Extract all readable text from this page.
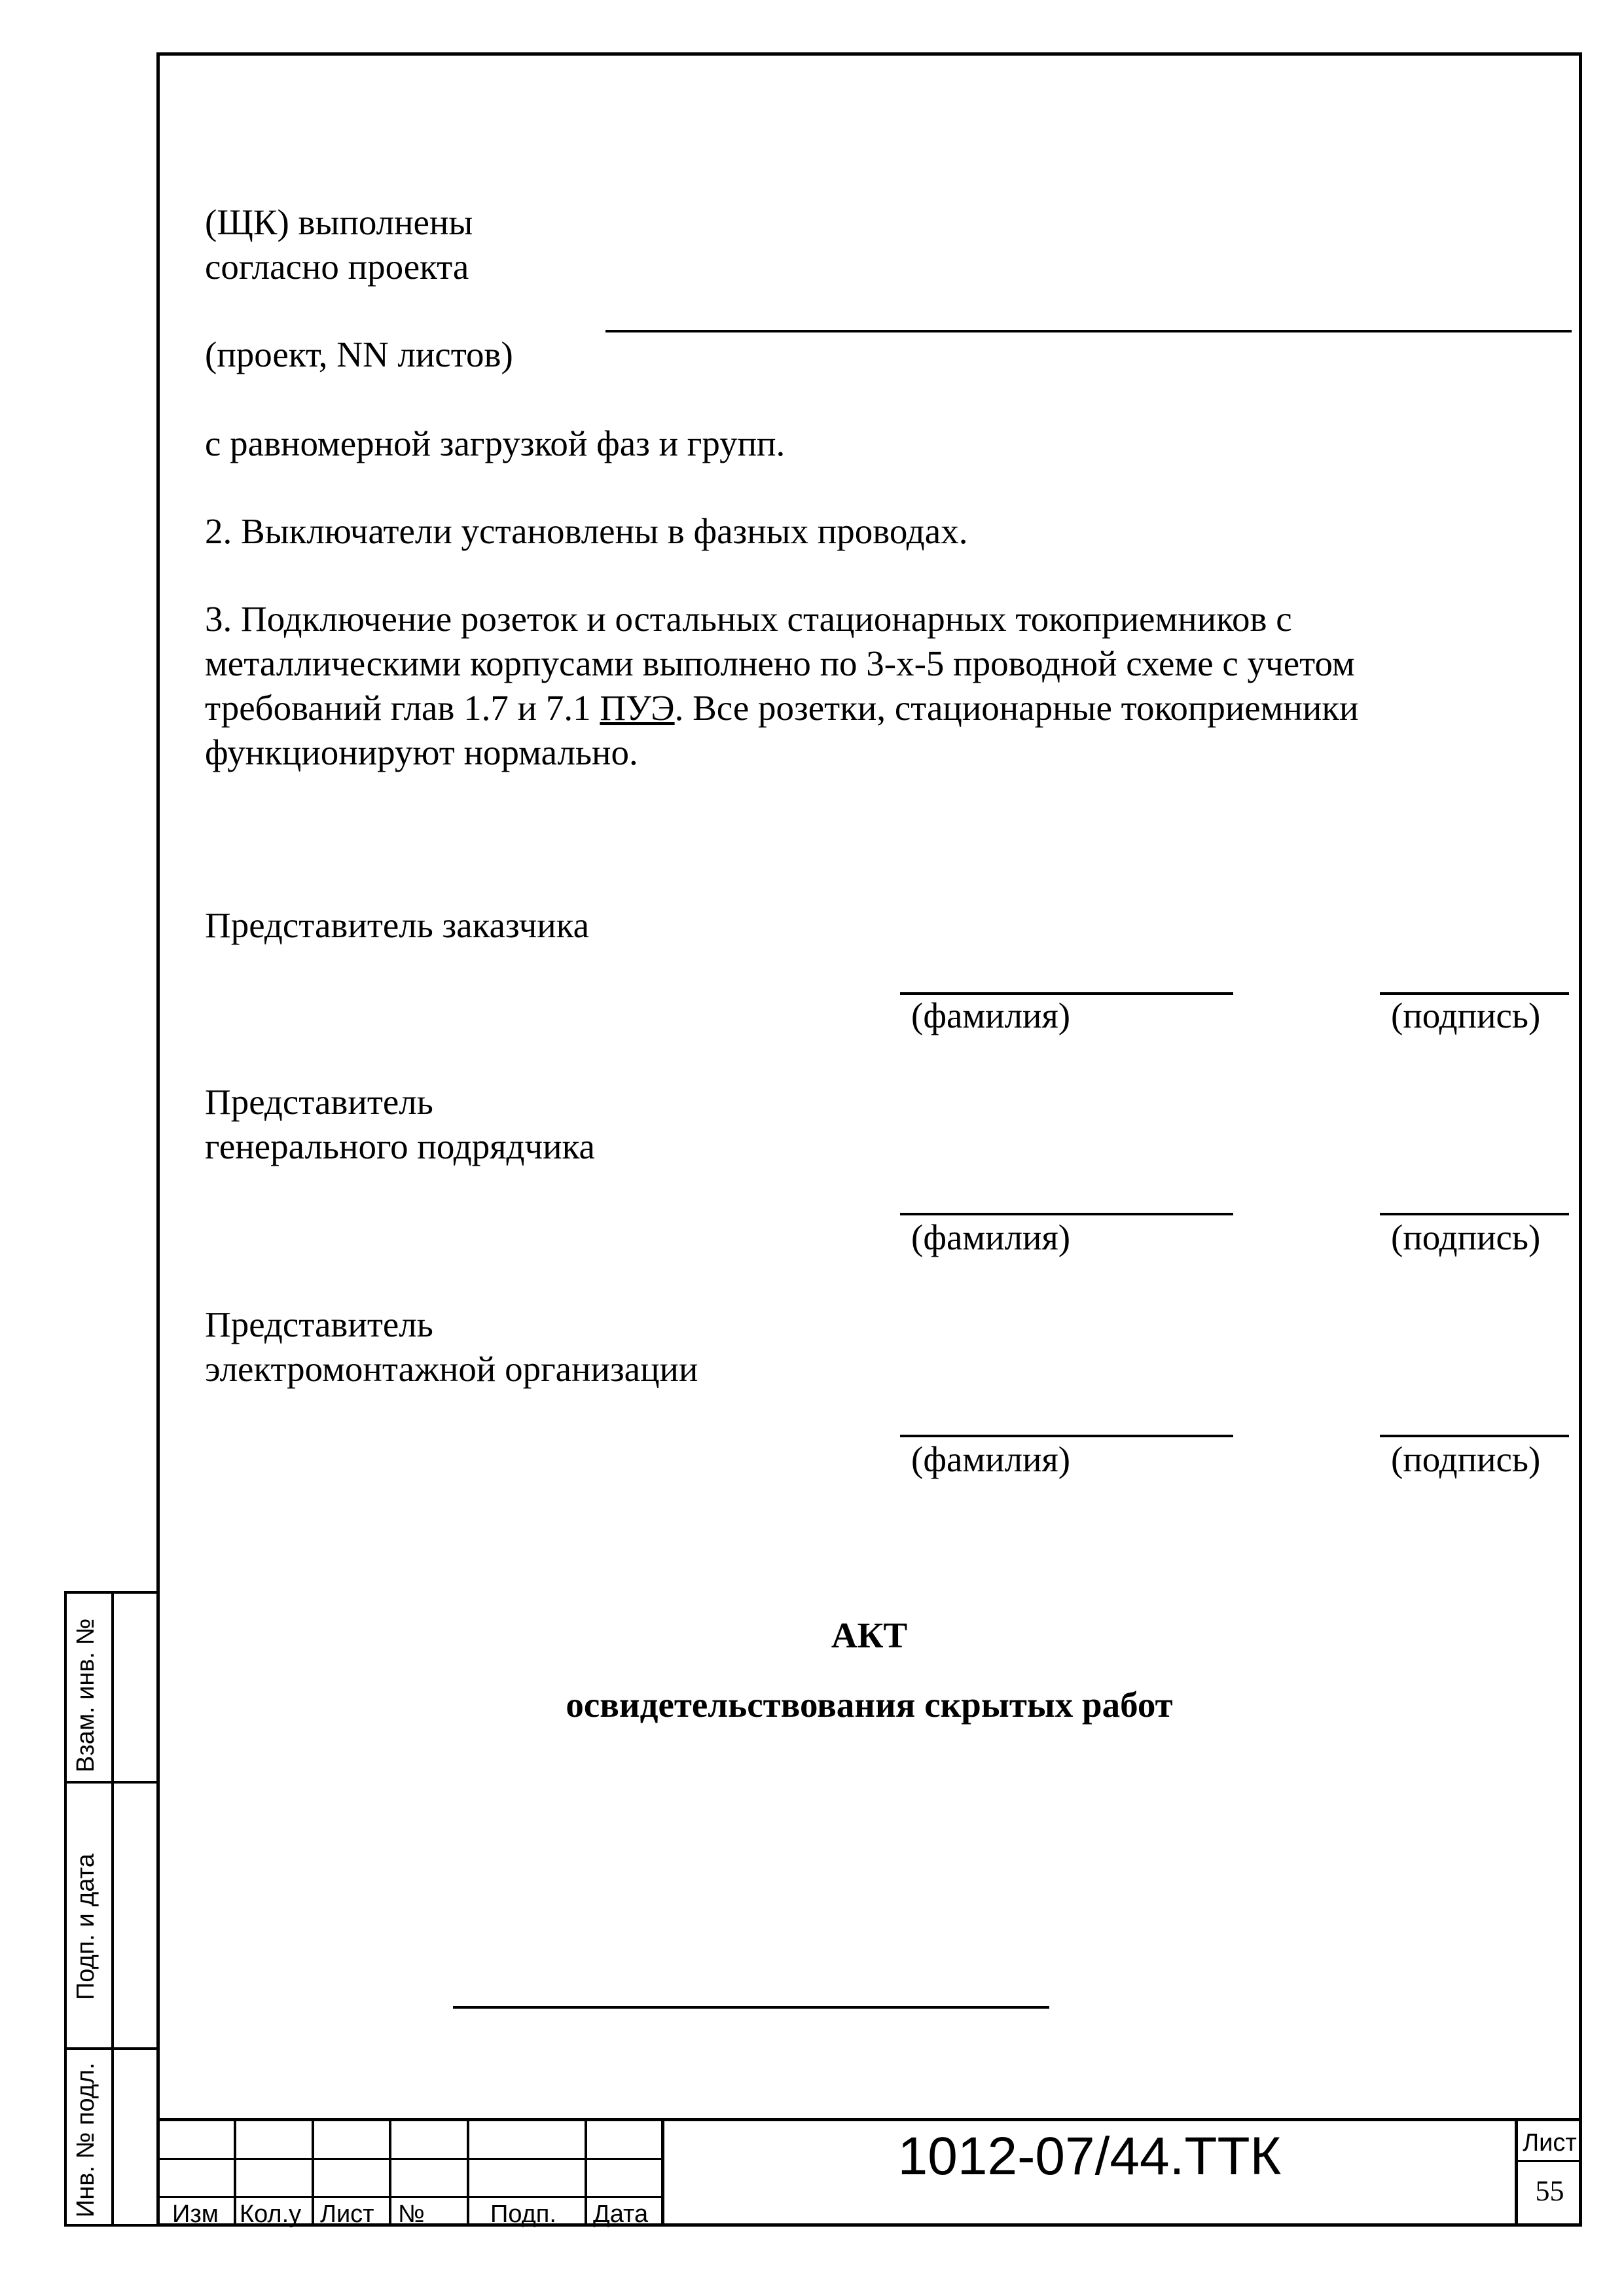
(ЩК) выполнены
согласно проекта
(проект, NN листов)
с равномерной загрузкой фаз и групп.
2. Выключатели установлены в фазных проводах.
3. Подключение розеток и остальных стационарных токоприемников с
металлическими корпусами выполнено по 3-х-5 проводной схеме с учетом
требований глав 1.7 и 7.1 ПУЭ. Все розетки, стационарные токоприемники
функционируют нормально.
Представитель заказчика
(фамилия)	(подпись)
Представитель
генерального подрядчика
(фамилия)	(подпись)
Представитель
электромонтажной организации
(фамилия)	(подпись)
АКТ
освидетельствования скрытых работ
Взам. инв. №
Подп. и дата
Инв. № подл.	Изм Кол.у Лист №	Подп. Дата
1012-07/44.ТТК	Лист
55
